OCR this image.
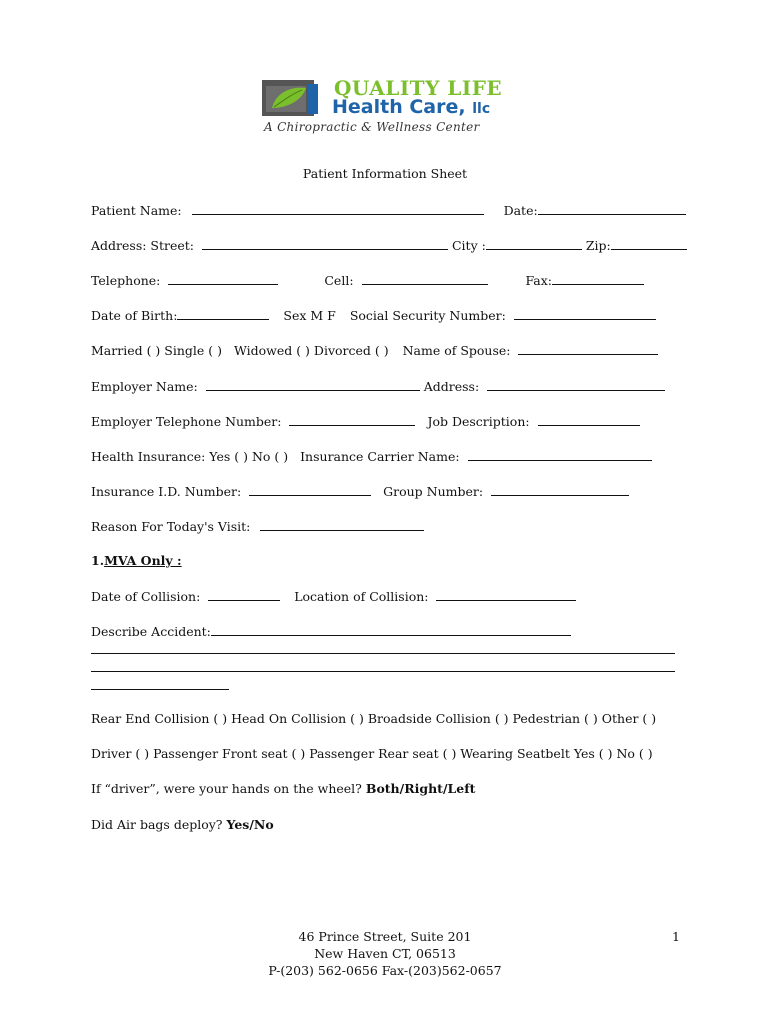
QUALITY LIFE
Health Care, llc
A Chiropractic & Wellness Center
Patient Information Sheet
Patient Name:	Date:
Address: Street:	City :	Zip:
Telephone:	Cell:	Fax:
Date of Birth:	Sex M F Social Security Number:
Married ( ) Single ( ) Widowed ( ) Divorced ( ) Name of Spouse:
Employer Name:	Address:
Employer Telephone Number:	Job Description:
Health Insurance: Yes ( ) No ( ) Insurance Carrier Name:
Insurance I.D. Number:	Group Number:
Reason For Today's Visit:
1.MVA Only :
Date of Collision:	Location of Collision:
Describe Accident:
Rear End Collision ( ) Head On Collision ( ) Broadside Collision ( ) Pedestrian ( ) Other ( )
Driver ( ) Passenger Front seat ( ) Passenger Rear seat ( ) Wearing Seatbelt Yes ( ) No ( )
If “driver”, were your hands on the wheel? Both/Right/Left
Did Air bags deploy? Yes/No
46 Prince Street, Suite 201
New Haven CT, 06513
P-(203) 562-0656 Fax-(203)562-0657
1
